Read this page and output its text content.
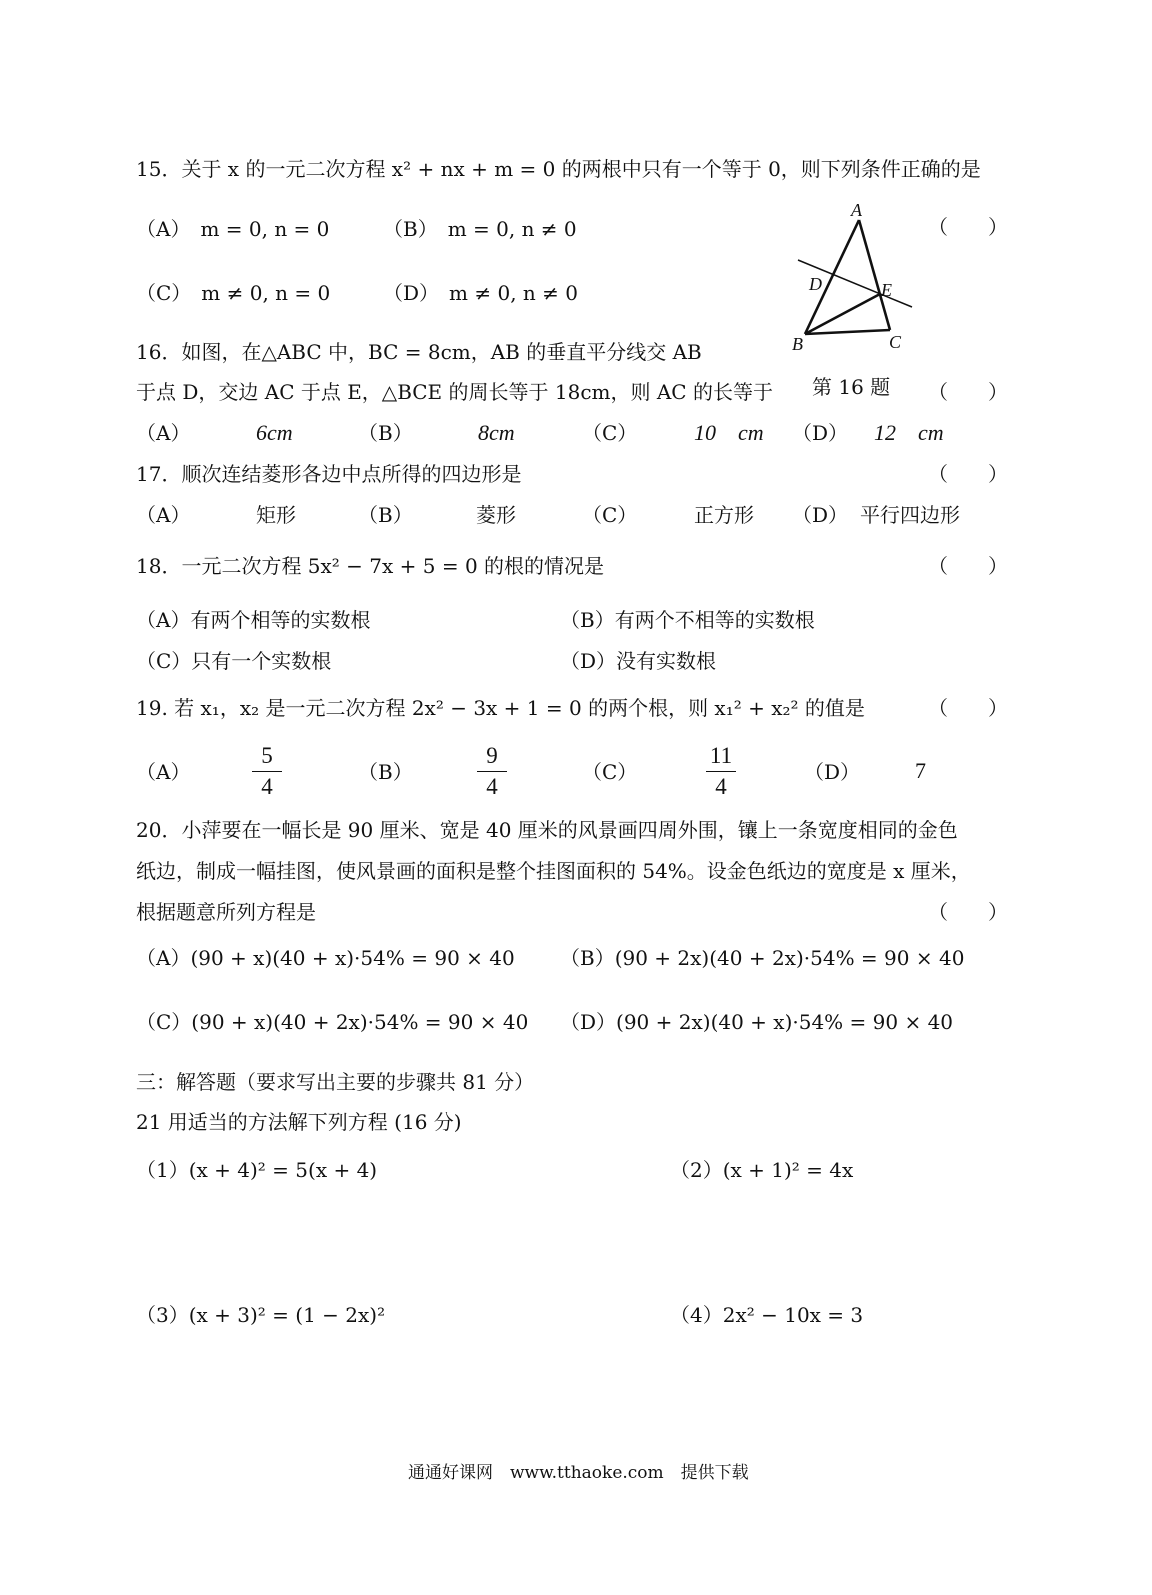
15．关于 x 的一元二次方程 x² + nx + m = 0 的两根中只有一个等于 0，则下列条件正确的是
（A）　m = 0, n = 0	（B）　m = 0, n ≠ 0	（　　）
（C）　m ≠ 0, n = 0	（D）　m ≠ 0, n ≠ 0
A
D	E
B	C
第 16 题
16．如图，在△ABC 中，BC = 8cm，AB 的垂直平分线交 AB
于点 D，交边 AC 于点 E，△BCE 的周长等于 18cm，则 AC 的长等于	（　　）
（A）	6cm	（B）	8cm	（C）	10　cm （D） 12　cm
17．顺次连结菱形各边中点所得的四边形是	（　　）
（A）	矩形	（B）	菱形	（C）	正方形 （D） 平行四边形
18．一元二次方程 5x² − 7x + 5 = 0 的根的情况是	（　　）
（A）有两个相等的实数根	（B）有两个不相等的实数根
（C）只有一个实数根	（D）没有实数根
19. 若 x₁，x₂ 是一元二次方程 2x² − 3x + 1 = 0 的两个根，则 x₁² + x₂² 的值是	（　　）
（A）
5
4
（B）
9
4
（C）
11
4
（D） 7
20．小萍要在一幅长是 90 厘米、宽是 40 厘米的风景画四周外围，镶上一条宽度相同的金色
纸边，制成一幅挂图，使风景画的面积是整个挂图面积的 54%。设金色纸边的宽度是 x 厘米，
根据题意所列方程是	（　　）
（A）(90 + x)(40 + x)·54% = 90 × 40 （B）(90 + 2x)(40 + 2x)·54% = 90 × 40
（C）(90 + x)(40 + 2x)·54% = 90 × 40 （D）(90 + 2x)(40 + x)·54% = 90 × 40
三：解答题（要求写出主要的步骤共 81 分）
21 用适当的方法解下列方程 (16 分)
（1）(x + 4)² = 5(x + 4)	（2）(x + 1)² = 4x
（3）(x + 3)² = (1 − 2x)²	（4）2x² − 10x = 3
通通好课网　www.tthaoke.com　提供下载
